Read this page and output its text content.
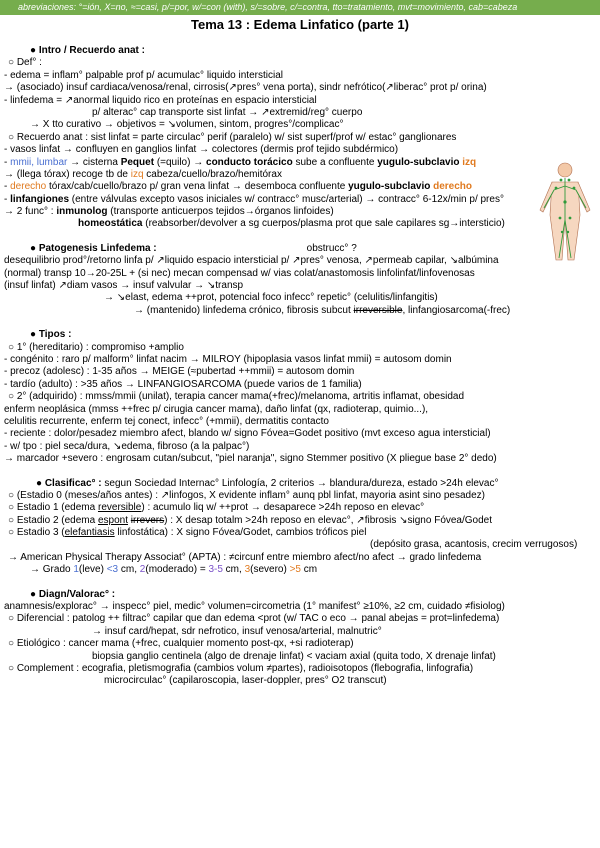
abreviaciones: °=ión, X=no, ≈=casi, p/=por, w/=con (with), s/=sobre, c/=contra, tto=tratamiento, mvt=movimiento, cab=cabeza
Tema 13 : Edema Linfatico (parte 1)
● Intro / Recuerdo anat :
○ Def° :
- edema = inflam° palpable prof p/ acumulac° liquido intersticial
→ (asociado) insuf cardiaca/venosa/renal, cirrosis(↗pres° vena porta), sindr nefrótico(↗liberac° prot p/ orina)
- linfedema = ↗anormal liquido rico en proteínas en espacio intersticial
p/ alterac° cap transporte sist linfat → ↗extremid/reg° cuerpo
→ X tto curativo → objetivos = ↘volumen, sintom, progres°/complicac°
○ Recuerdo anat : sist linfat = parte circulac° perif (paralelo) w/ sist superf/prof w/ estac° ganglionares
- vasos linfat → confluyen en ganglios linfat → colectores (dermis prof tejido subdérmico)
- mmii, lumbar → cisterna Pequet (=quilo) → conducto torácico sube a confluente yugulo-subclavio izq
→ (llega tórax) recoge tb de izq cabeza/cuello/brazo/hemitórax
- derecho tórax/cab/cuello/brazo p/ gran vena linfat → desemboca confluente yugulo-subclavio derecho
- linfangiones (entre válvulas excepto vasos iniciales w/ contracc° musc/arterial) → contracc° 6-12x/min p/ pres°
→ 2 func° : inmunolog (transporte anticuerpos tejidos→órganos linfoides)
homeostática (reabsorber/devolver a sg cuerpos/plasma prot que sale capilares sg→intersticio)
● Patogenesis Linfedema :	obstrucc° ?
desequilibrio prod°/retorno linfa p/ ↗liquido espacio intersticial p/ ↗pres° venosa, ↗permeab capilar, ↘albúmina
(normal) transp 10→20-25L + (si nec) mecan compensad w/ vias colat/anastomosis linfolinfat/linfovenosas
(insuf linfat) ↗diam vasos → insuf valvular → ↘transp
→ ↘elast, edema ++prot, potencial foco infecc° repetic° (celulitis/linfangitis)
→ (mantenido) linfedema crónico, fibrosis subcut irreversible, linfangiosarcoma(-frec)
● Tipos :
○ 1° (hereditario) : compromiso +amplio
- congénito : raro p/ malform° linfat nacim → MILROY (hipoplasia vasos linfat mmii) = autosom domin
- precoz (adolesc) : 1-35 años → MEIGE (≈pubertad ++mmii) = autosom domin
- tardío (adulto) : >35 años → LINFANGIOSARCOMA (puede varios de 1 familia)
○ 2° (adquirido) : mmss/mmii (unilat), terapia cancer mama(+frec)/melanoma, artritis inflamat, obesidad
enferm neoplásica (mmss ++frec p/ cirugia cancer mama), daño linfat (qx, radioterap, quimio...),
celulitis recurrente, enferm tej conect, infecc° (+mmii), dermatitis contacto
- reciente : dolor/pesadez miembro afect, blando w/ signo Fóvea=Godet positivo (mvt exceso agua intersticial)
- w/ tpo : piel seca/dura, ↘edema, fibroso (a la palpac°)
→ marcador +severo : engrosam cutan/subcut, "piel naranja", signo Stemmer positivo (X pliegue base 2° dedo)
● Clasificac° : segun Sociedad Internac° Linfología, 2 criterios → blandura/dureza, estado >24h elevac°
○ (Estadio 0 (meses/años antes) : ↗linfogos, X evidente inflam° aunq pbl linfat, mayoria asint sino pesadez)
○ Estadio 1 (edema reversible) : acumulo liq w/ ++prot → desaparece >24h reposo en elevac°
○ Estadio 2 (edema espont irrevers) : X desap totalm >24h reposo en elevac°, ↗fibrosis ↘signo Fóvea/Godet
○ Estadio 3 (elefantiasis linfostática) : X signo Fóvea/Godet, cambios tróficos piel
(depósito grasa, acantosis, crecim verrugosos)
→ American Physical Therapy Associat° (APTA) : ≠circunf entre miembro afect/no afect → grado linfedema
→ Grado 1(leve) <3 cm, 2(moderado) = 3-5 cm, 3(severo) >5 cm
● Diagn/Valorac° :
anamnesis/explorac° → inspecc° piel, medic° volumen=circometria (1° manifest° ≥10%, ≥2 cm, cuidado ≠fisiolog)
○ Diferencial : patolog ++ filtrac° capilar que dan edema <prot (w/ TAC o eco → panal abejas = prot=linfedema)
→ insuf card/hepat, sdr nefrotico, insuf venosa/arterial, malnutric°
○ Etiológico : cancer mama (+frec, cualquier momento post-qx, +si radioterap)
biopsia ganglio centinela (algo de drenaje linfat) < vaciam axial (quita todo, X drenaje linfat)
○ Complement : ecografia, pletismografia (cambios volum ≠partes), radioisotopos (flebografia, linfografia)
microcirculac° (capilaroscopia, laser-doppler, pres° O2 transcut)
